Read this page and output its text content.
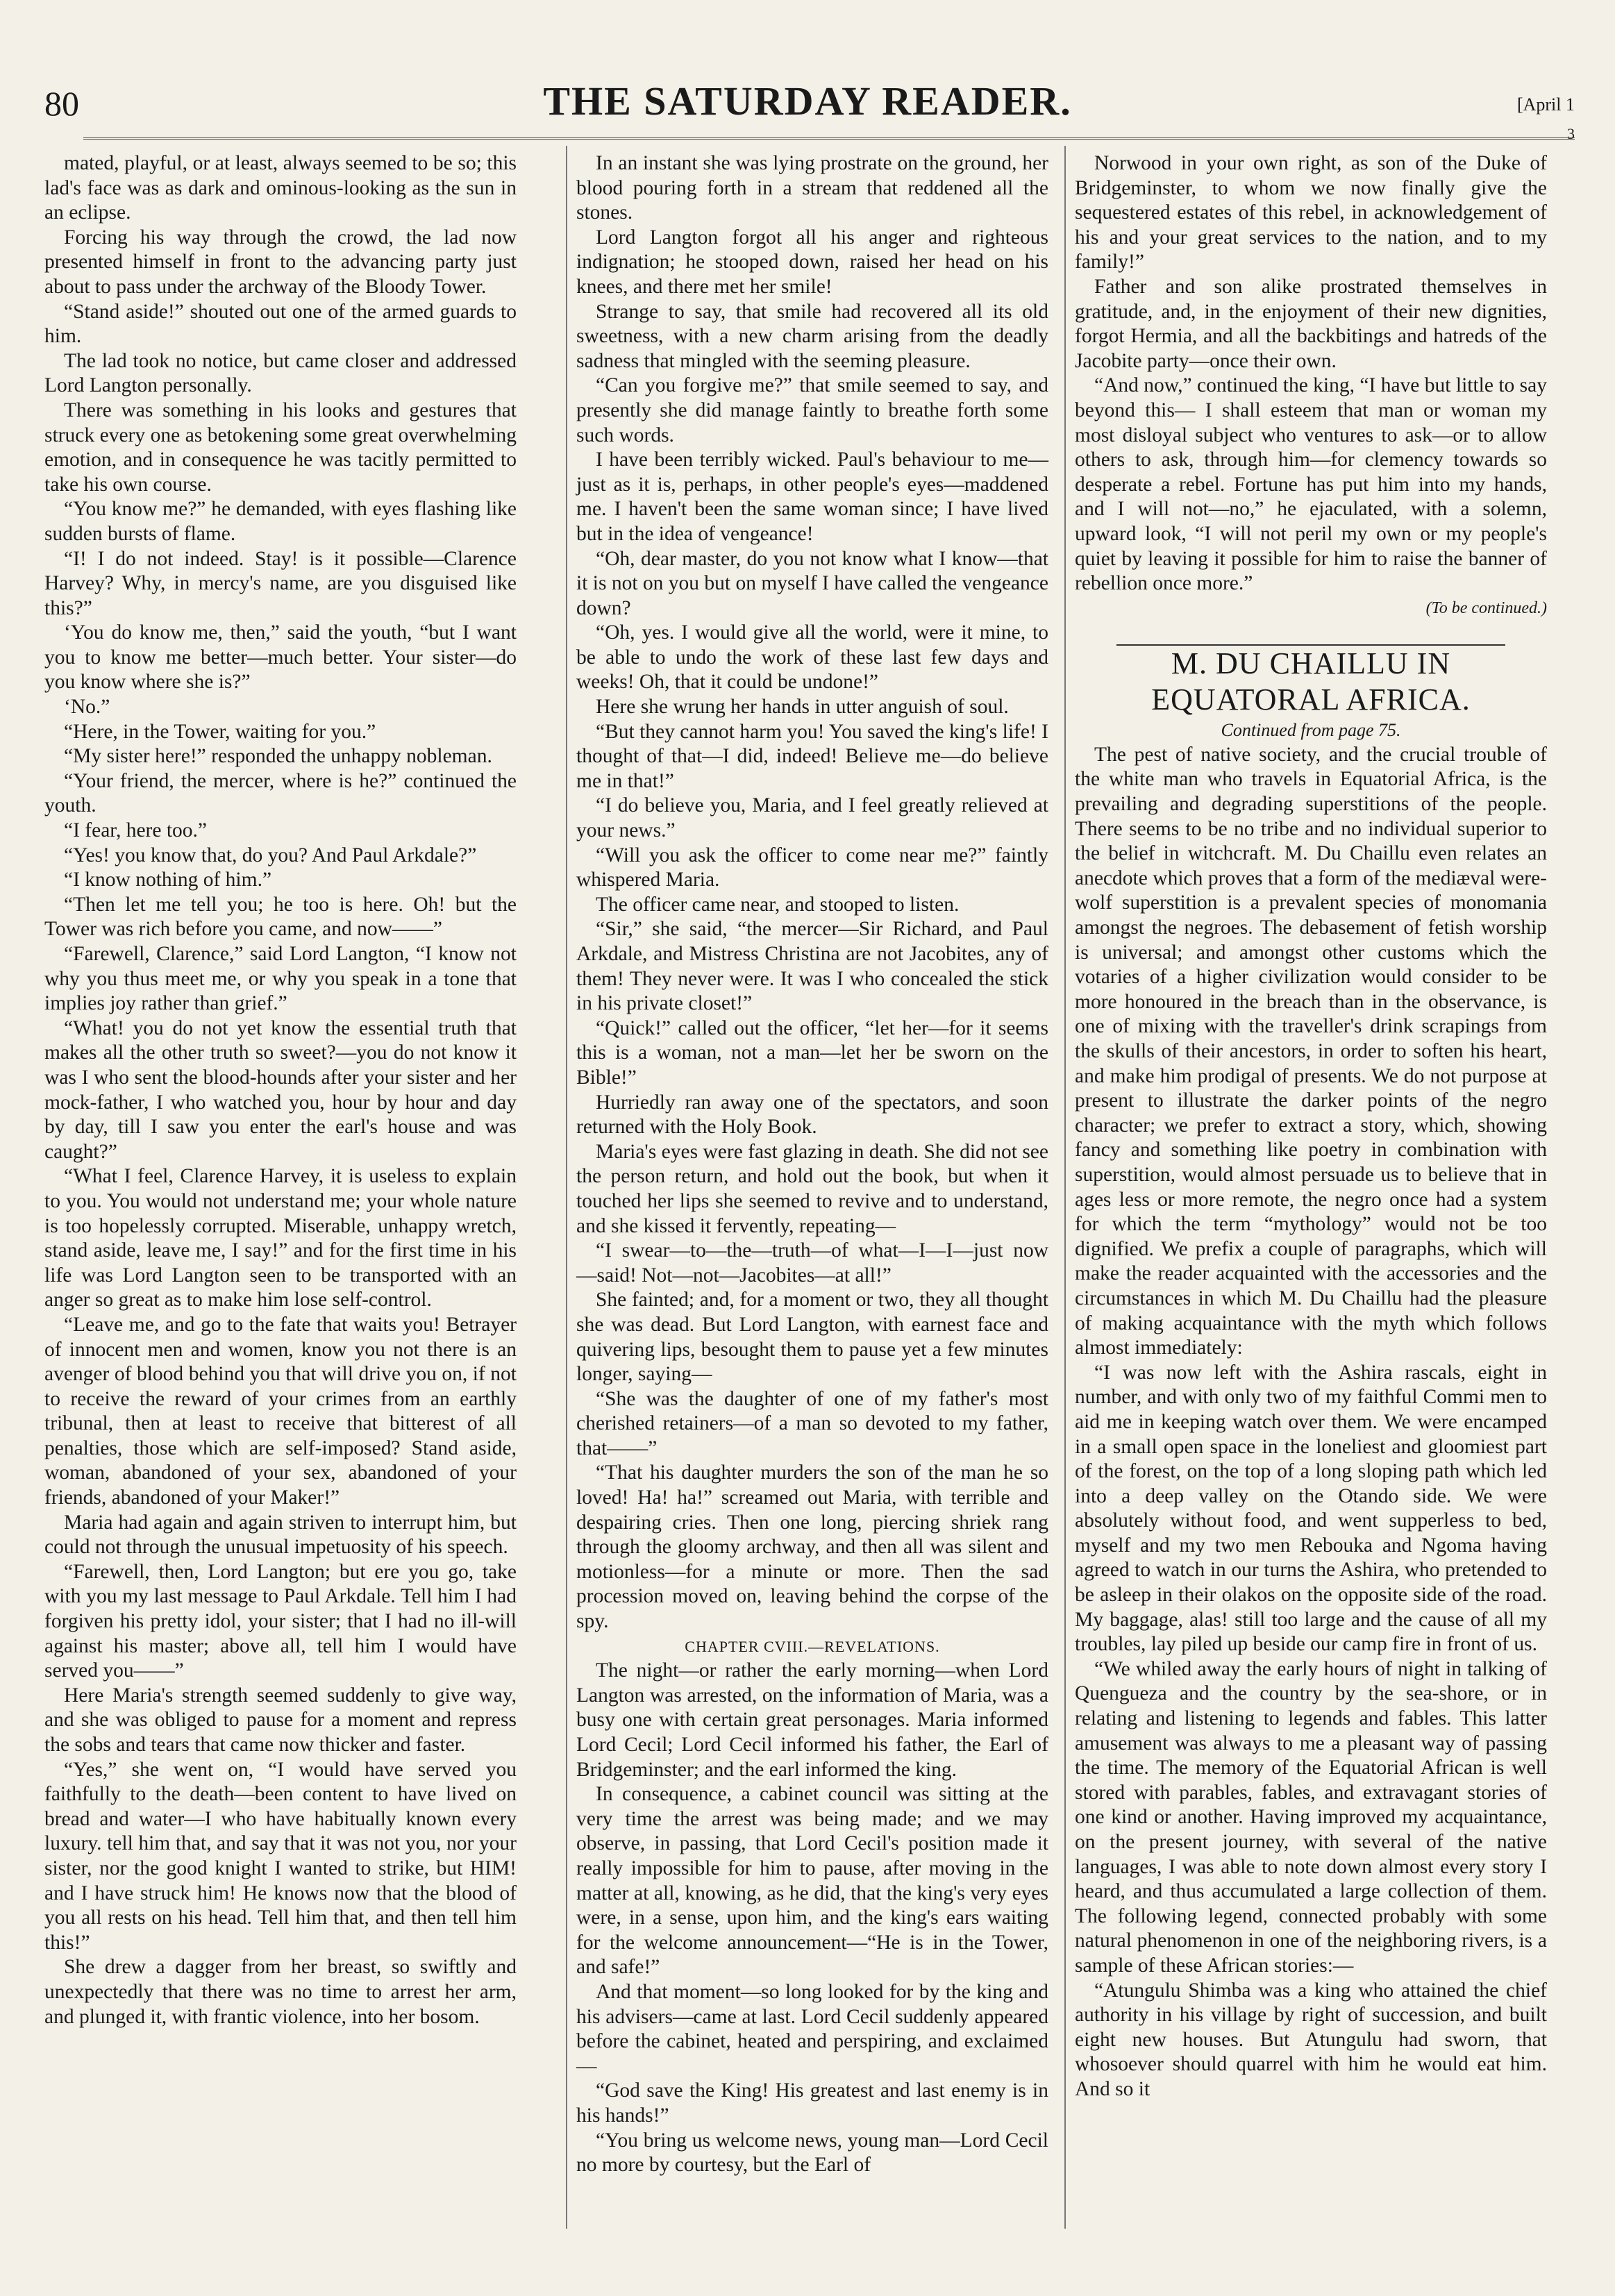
80	THE SATURDAY READER.	[April 1
3

mated, playful, or at least, always seemed to be so; this lad's face was as dark and ominous-looking as the sun in an eclipse.

Forcing his way through the crowd, the lad now presented himself in front to the advancing party just about to pass under the archway of the Bloody Tower.

“Stand aside!” shouted out one of the armed guards to him.

The lad took no notice, but came closer and addressed Lord Langton personally.

There was something in his looks and gestures that struck every one as betokening some great overwhelming emotion, and in consequence he was tacitly permitted to take his own course.

“You know me?” he demanded, with eyes flashing like sudden bursts of flame.

“I! I do not indeed. Stay! is it possible—Clarence Harvey? Why, in mercy's name, are you disguised like this?”

‘You do know me, then,” said the youth, “but I want you to know me better—much better. Your sister—do you know where she is?”

‘No.”

“Here, in the Tower, waiting for you.”

“My sister here!” responded the unhappy nobleman.

“Your friend, the mercer, where is he?” continued the youth.

“I fear, here too.”

“Yes! you know that, do you? And Paul Arkdale?”

“I know nothing of him.”

“Then let me tell you; he too is here. Oh! but the Tower was rich before you came, and now——”

“Farewell, Clarence,” said Lord Langton, “I know not why you thus meet me, or why you speak in a tone that implies joy rather than grief.”

“What! you do not yet know the essential truth that makes all the other truth so sweet?—you do not know it was I who sent the blood-hounds after your sister and her mock-father, I who watched you, hour by hour and day by day, till I saw you enter the earl's house and was caught?”

“What I feel, Clarence Harvey, it is useless to explain to you. You would not understand me; your whole nature is too hopelessly corrupted. Miserable, unhappy wretch, stand aside, leave me, I say!” and for the first time in his life was Lord Langton seen to be transported with an anger so great as to make him lose self-control.

“Leave me, and go to the fate that waits you! Betrayer of innocent men and women, know you not there is an avenger of blood behind you that will drive you on, if not to receive the reward of your crimes from an earthly tribunal, then at least to receive that bitterest of all penalties, those which are self-imposed? Stand aside, woman, abandoned of your sex, abandoned of your friends, abandoned of your Maker!”

Maria had again and again striven to interrupt him, but could not through the unusual impetuosity of his speech.

“Farewell, then, Lord Langton; but ere you go, take with you my last message to Paul Arkdale. Tell him I had forgiven his pretty idol, your sister; that I had no ill-will against his master; above all, tell him I would have served you——”

Here Maria's strength seemed suddenly to give way, and she was obliged to pause for a moment and repress the sobs and tears that came now thicker and faster.

“Yes,” she went on, “I would have served you faithfully to the death—been content to have lived on bread and water—I who have habitually known every luxury. tell him that, and say that it was not you, nor your sister, nor the good knight I wanted to strike, but HIM! and I have struck him! He knows now that the blood of you all rests on his head. Tell him that, and then tell him this!”

She drew a dagger from her breast, so swiftly and unexpectedly that there was no time to arrest her arm, and plunged it, with frantic violence, into her bosom.

In an instant she was lying prostrate on the ground, her blood pouring forth in a stream that reddened all the stones.

Lord Langton forgot all his anger and righteous indignation; he stooped down, raised her head on his knees, and there met her smile!

Strange to say, that smile had recovered all its old sweetness, with a new charm arising from the deadly sadness that mingled with the seeming pleasure.

“Can you forgive me?” that smile seemed to say, and presently she did manage faintly to breathe forth some such words.

I have been terribly wicked. Paul's behaviour to me—just as it is, perhaps, in other people's eyes—maddened me. I haven't been the same woman since; I have lived but in the idea of vengeance!

“Oh, dear master, do you not know what I know—that it is not on you but on myself I have called the vengeance down?

“Oh, yes. I would give all the world, were it mine, to be able to undo the work of these last few days and weeks! Oh, that it could be undone!”

Here she wrung her hands in utter anguish of soul.

“But they cannot harm you! You saved the king's life! I thought of that—I did, indeed! Believe me—do believe me in that!”

“I do believe you, Maria, and I feel greatly relieved at your news.”

“Will you ask the officer to come near me?” faintly whispered Maria.

The officer came near, and stooped to listen.

“Sir,” she said, “the mercer—Sir Richard, and Paul Arkdale, and Mistress Christina are not Jacobites, any of them! They never were. It was I who concealed the stick in his private closet!”

“Quick!” called out the officer, “let her—for it seems this is a woman, not a man—let her be sworn on the Bible!”

Hurriedly ran away one of the spectators, and soon returned with the Holy Book.

Maria's eyes were fast glazing in death. She did not see the person return, and hold out the book, but when it touched her lips she seemed to revive and to understand, and she kissed it fervently, repeating—

“I swear—to—the—truth—of what—I—I—just now—said! Not—not—Jacobites—at all!”

She fainted; and, for a moment or two, they all thought she was dead. But Lord Langton, with earnest face and quivering lips, besought them to pause yet a few minutes longer, saying—

“She was the daughter of one of my father's most cherished retainers—of a man so devoted to my father, that——”

“That his daughter murders the son of the man he so loved! Ha! ha!” screamed out Maria, with terrible and despairing cries. Then one long, piercing shriek rang through the gloomy archway, and then all was silent and motionless—for a minute or more. Then the sad procession moved on, leaving behind the corpse of the spy.

CHAPTER CVIII.—REVELATIONS.

The night—or rather the early morning—when Lord Langton was arrested, on the information of Maria, was a busy one with certain great personages. Maria informed Lord Cecil; Lord Cecil informed his father, the Earl of Bridgeminster; and the earl informed the king.

In consequence, a cabinet council was sitting at the very time the arrest was being made; and we may observe, in passing, that Lord Cecil's position made it really impossible for him to pause, after moving in the matter at all, knowing, as he did, that the king's very eyes were, in a sense, upon him, and the king's ears waiting for the welcome announcement—“He is in the Tower, and safe!”

And that moment—so long looked for by the king and his advisers—came at last. Lord Cecil suddenly appeared before the cabinet, heated and perspiring, and exclaimed—

“God save the King! His greatest and last enemy is in his hands!”

“You bring us welcome news, young man—Lord Cecil no more by courtesy, but the Earl of

Norwood in your own right, as son of the Duke of Bridgeminster, to whom we now finally give the sequestered estates of this rebel, in acknowledgement of his and your great services to the nation, and to my family!”

Father and son alike prostrated themselves in gratitude, and, in the enjoyment of their new dignities, forgot Hermia, and all the backbitings and hatreds of the Jacobite party—once their own.

“And now,” continued the king, “I have but little to say beyond this— I shall esteem that man or woman my most disloyal subject who ventures to ask—or to allow others to ask, through him—for clemency towards so desperate a rebel. Fortune has put him into my hands, and I will not—no,” he ejaculated, with a solemn, upward look, “I will not peril my own or my people's quiet by leaving it possible for him to raise the banner of rebellion once more.”

(To be continued.)

M. DU CHAILLU IN EQUATORAL AFRICA.

Continued from page 75.

The pest of native society, and the crucial trouble of the white man who travels in Equatorial Africa, is the prevailing and degrading superstitions of the people. There seems to be no tribe and no individual superior to the belief in witchcraft. M. Du Chaillu even relates an anecdote which proves that a form of the mediæval were-wolf superstition is a prevalent species of monomania amongst the negroes. The debasement of fetish worship is universal; and amongst other customs which the votaries of a higher civilization would consider to be more honoured in the breach than in the observance, is one of mixing with the traveller's drink scrapings from the skulls of their ancestors, in order to soften his heart, and make him prodigal of presents. We do not purpose at present to illustrate the darker points of the negro character; we prefer to extract a story, which, showing fancy and something like poetry in combination with superstition, would almost persuade us to believe that in ages less or more remote, the negro once had a system for which the term “mythology” would not be too dignified. We prefix a couple of paragraphs, which will make the reader acquainted with the accessories and the circumstances in which M. Du Chaillu had the pleasure of making acquaintance with the myth which follows almost immediately:

“I was now left with the Ashira rascals, eight in number, and with only two of my faithful Commi men to aid me in keeping watch over them. We were encamped in a small open space in the loneliest and gloomiest part of the forest, on the top of a long sloping path which led into a deep valley on the Otando side. We were absolutely without food, and went supperless to bed, myself and my two men Rebouka and Ngoma having agreed to watch in our turns the Ashira, who pretended to be asleep in their olakos on the opposite side of the road. My baggage, alas! still too large and the cause of all my troubles, lay piled up beside our camp fire in front of us.

“We whiled away the early hours of night in talking of Quengueza and the country by the sea-shore, or in relating and listening to legends and fables. This latter amusement was always to me a pleasant way of passing the time. The memory of the Equatorial African is well stored with parables, fables, and extravagant stories of one kind or another. Having improved my acquaintance, on the present journey, with several of the native languages, I was able to note down almost every story I heard, and thus accumulated a large collection of them. The following legend, connected probably with some natural phenomenon in one of the neighboring rivers, is a sample of these African stories:—

“Atungulu Shimba was a king who attained the chief authority in his village by right of succession, and built eight new houses. But Atungulu had sworn, that whosoever should quarrel with him he would eat him. And so it
